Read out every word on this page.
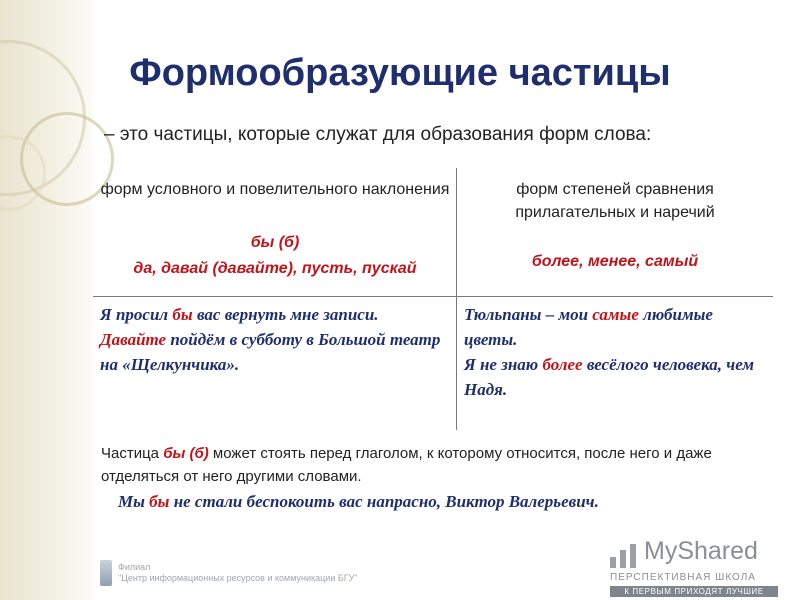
Формообразующие частицы
– это частицы, которые служат для образования форм слова:
форм условного и повелительного наклонения
бы (б)
да, давай (давайте), пусть, пускай
форм степеней сравнения прилагательных и наречий
более, менее, самый
Я просил бы вас вернуть мне записи.
Давайте пойдём в субботу в Большой театр на «Щелкунчика».
Тюльпаны – мои самые любимые цветы.
Я не знаю более весёлого человека, чем Надя.
Частица бы (б) может стоять перед глаголом, к которому относится, после него и даже отделяться от него другими словами.
Мы бы не стали беспокоить вас напрасно, Виктор Валерьевич.
Филиал
"Центр информационных ресурсов и коммуникации БГУ"
MyShared
ПЕРСПЕКТИВНАЯ ШКОЛА
К ПЕРВЫМ ПРИХОДЯТ ЛУЧШИЕ
